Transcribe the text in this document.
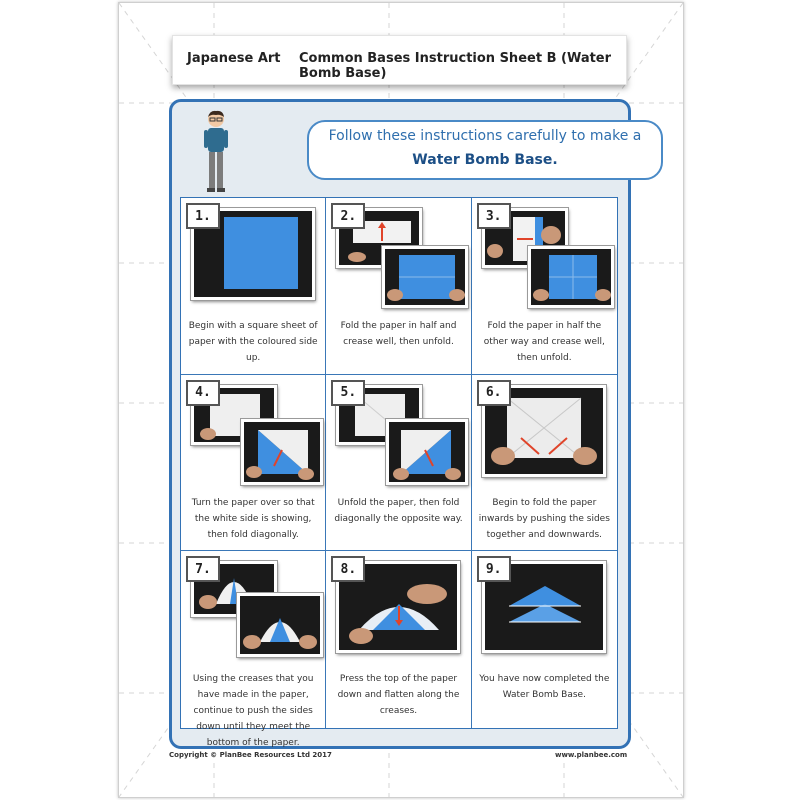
Japanese Art Common Bases Instruction Sheet B (Water Bomb Base)
Follow these instructions carefully to make a
Water Bomb Base.
1.
Begin with a square sheet of paper with the coloured side up.
2.
Fold the paper in half and crease well, then unfold.
3.
Fold the paper in half the other way and crease well, then unfold.
4.
Turn the paper over so that the white side is showing, then fold diagonally.
5.
Unfold the paper, then fold diagonally the opposite way.
6.
Begin to fold the paper inwards by pushing the sides together and downwards.
7.
Using the creases that you have made in the paper, continue to push the sides down until they meet the bottom of the paper.
8.
Press the top of the paper down and flatten along the creases.
9.
You have now completed the Water Bomb Base.
Copyright © PlanBee Resources Ltd 2017	www.planbee.com
